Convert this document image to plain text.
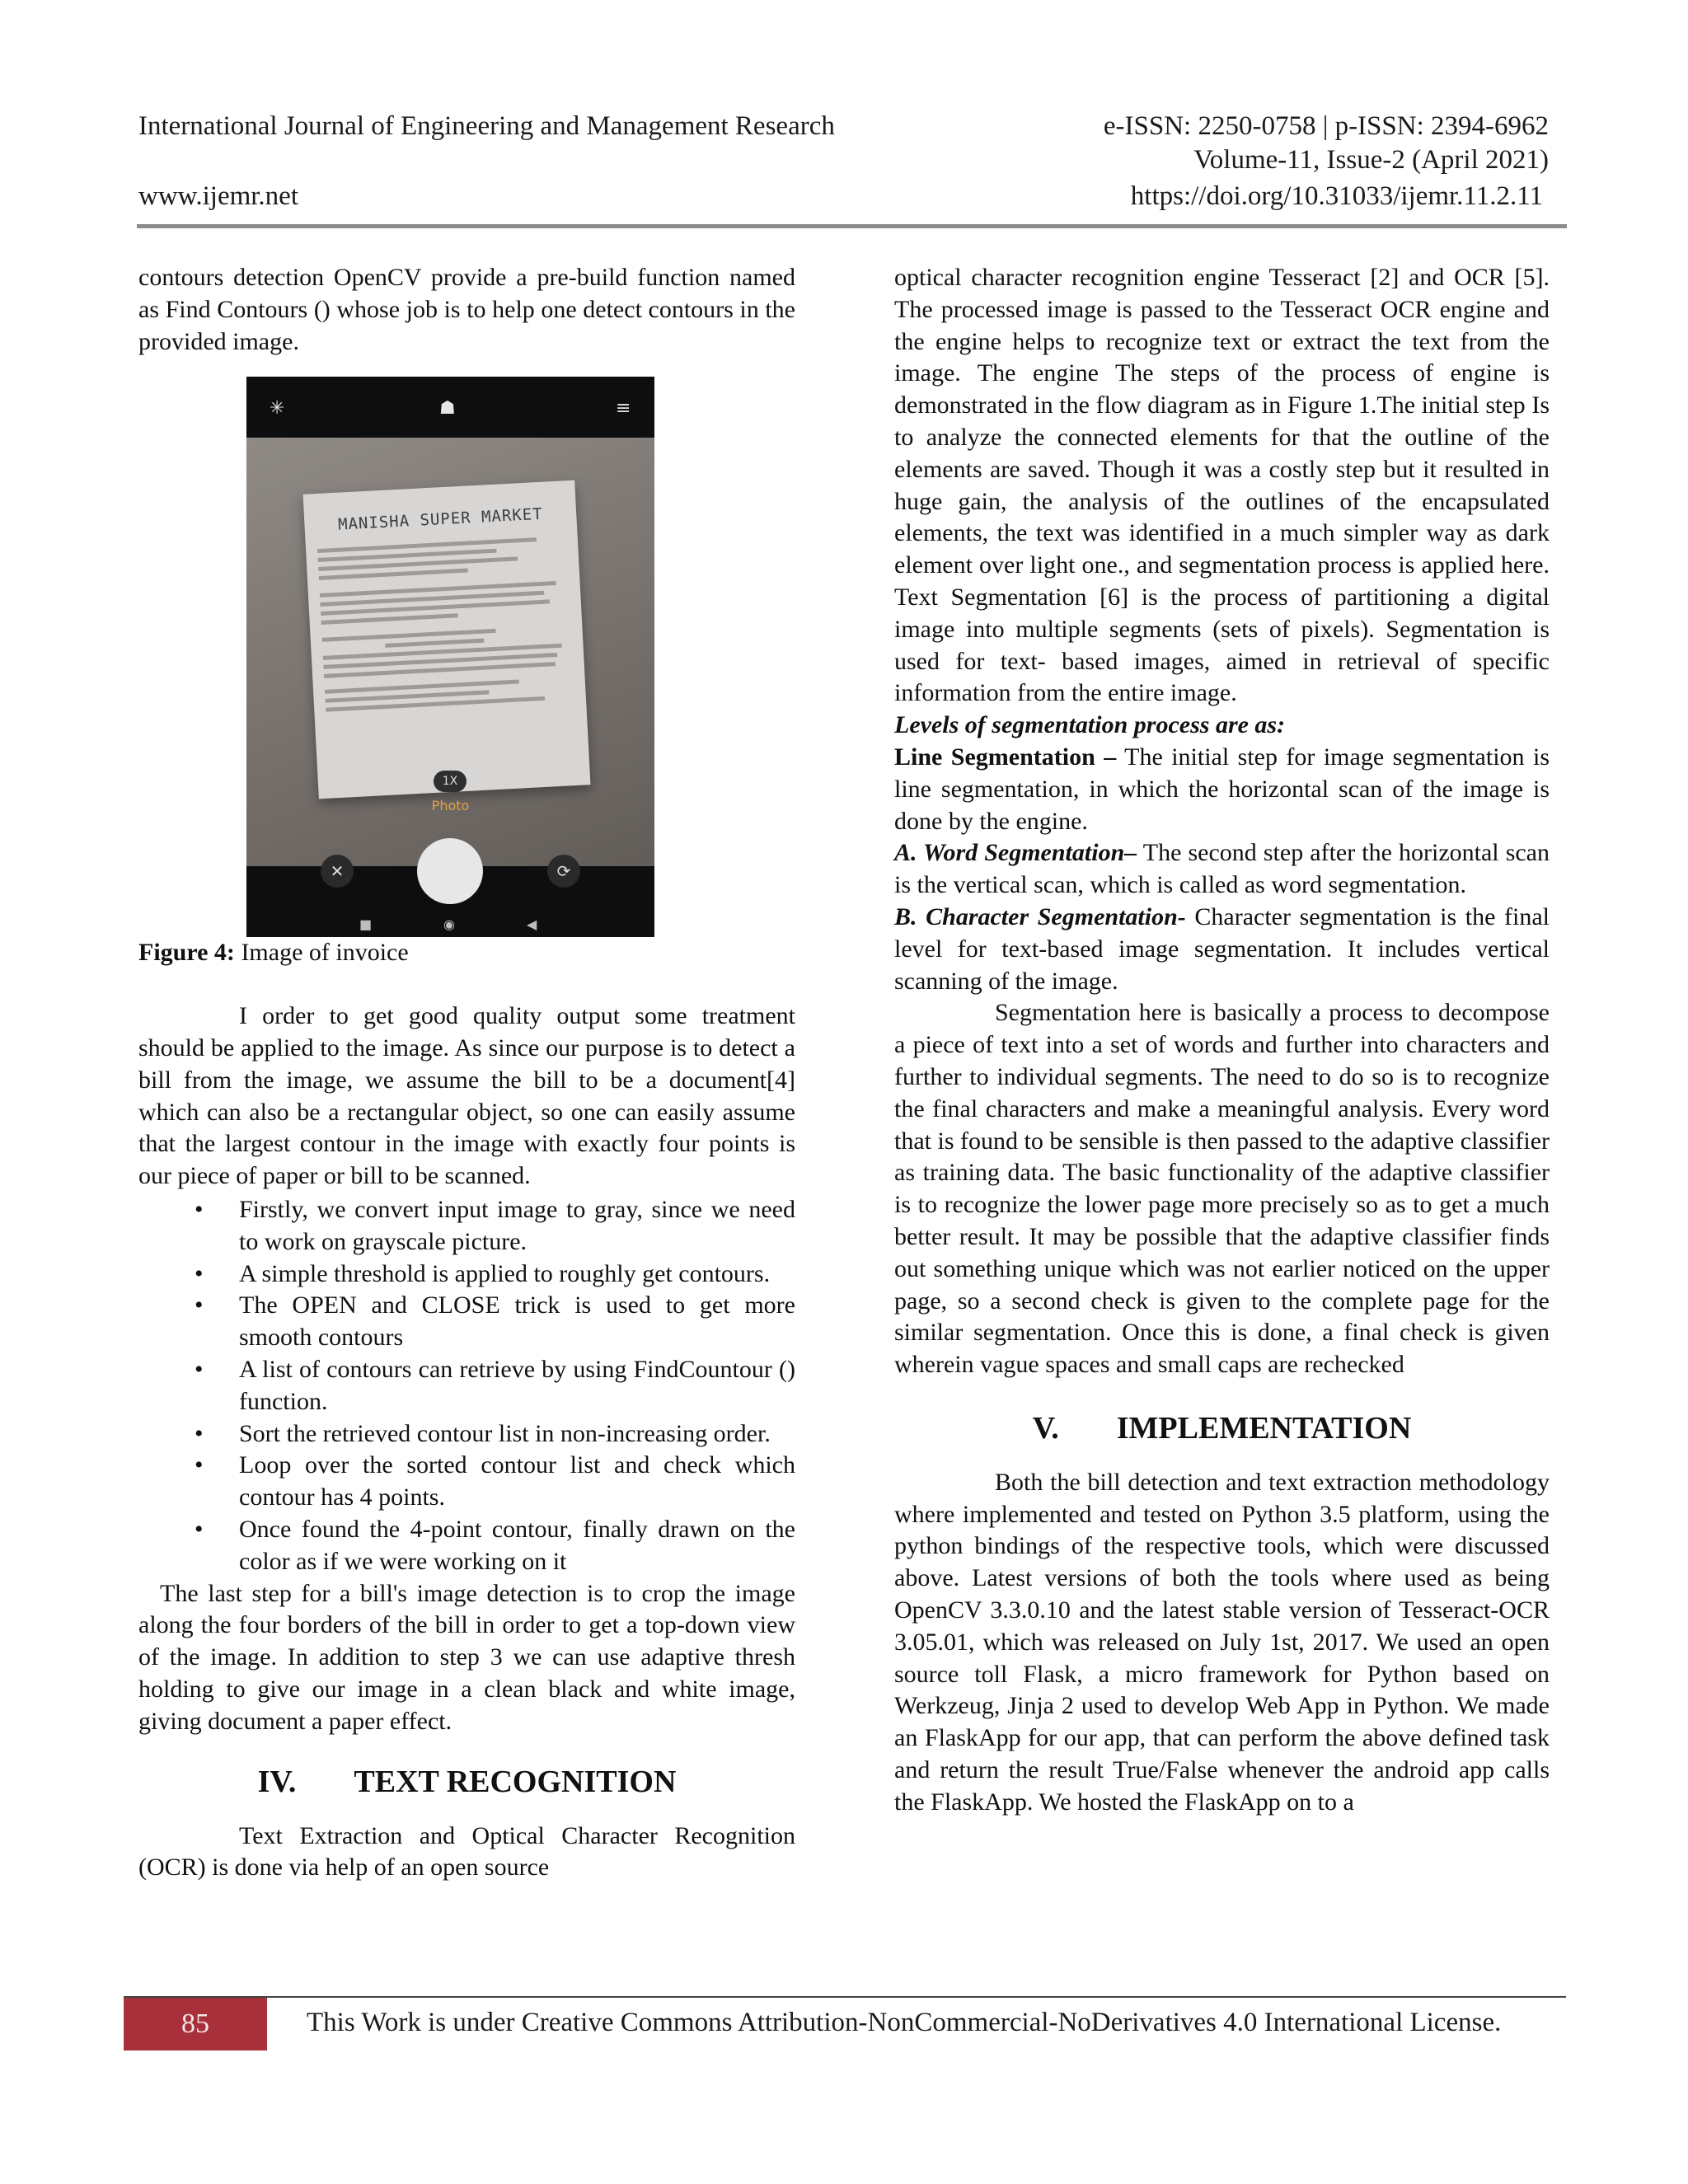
International Journal of Engineering and Management Research	e-ISSN: 2250-0758 | p-ISSN: 2394-6962
Volume-11, Issue-2 (April 2021)
www.ijemr.net	https://doi.org/10.31033/ijemr.11.2.11

contours detection OpenCV provide a pre-build function named as Find Contours () whose job is to help one detect contours in the provided image.

✳	☗	≡
MANISHA SUPER MARKET
1X
Photo
✕	⟳
■	◉	◀

Figure 4: Image of invoice

I order to get good quality output some treatment should be applied to the image. As since our purpose is to detect a bill from the image, we assume the bill to be a document[4] which can also be a rectangular object, so one can easily assume that the largest contour in the image with exactly four points is our piece of paper or bill to be scanned.

• Firstly, we convert input image to gray, since we need to work on grayscale picture.
• A simple threshold is applied to roughly get contours.
• The OPEN and CLOSE trick is used to get more smooth contours
• A list of contours can retrieve by using FindCountour () function.
• Sort the retrieved contour list in non-increasing order.
• Loop over the sorted contour list and check which contour has 4 points.
• Once found the 4-point contour, finally drawn on the color as if we were working on it

The last step for a bill's image detection is to crop the image along the four borders of the bill in order to get a top-down view of the image. In addition to step 3 we can use adaptive thresh holding to give our image in a clean black and white image, giving document a paper effect.

IV. TEXT RECOGNITION

Text Extraction and Optical Character Recognition (OCR) is done via help of an open source

optical character recognition engine Tesseract [2] and OCR [5]. The processed image is passed to the Tesseract OCR engine and the engine helps to recognize text or extract the text from the image. The engine The steps of the process of engine is demonstrated in the flow diagram as in Figure 1.The initial step Is to analyze the connected elements for that the outline of the elements are saved. Though it was a costly step but it resulted in huge gain, the analysis of the outlines of the encapsulated elements, the text was identified in a much simpler way as dark element over light one., and segmentation process is applied here. Text Segmentation [6] is the process of partitioning a digital image into multiple segments (sets of pixels). Segmentation is used for text- based images, aimed in retrieval of specific information from the entire image.

Levels of segmentation process are as:

Line Segmentation – The initial step for image segmentation is line segmentation, in which the horizontal scan of the image is done by the engine.

A. Word Segmentation– The second step after the horizontal scan is the vertical scan, which is called as word segmentation.

B. Character Segmentation- Character segmentation is the final level for text-based image segmentation. It includes vertical scanning of the image.

Segmentation here is basically a process to decompose a piece of text into a set of words and further into characters and further to individual segments. The need to do so is to recognize the final characters and make a meaningful analysis. Every word that is found to be sensible is then passed to the adaptive classifier as training data. The basic functionality of the adaptive classifier is to recognize the lower page more precisely so as to get a much better result. It may be possible that the adaptive classifier finds out something unique which was not earlier noticed on the upper page, so a second check is given to the complete page for the similar segmentation. Once this is done, a final check is given wherein vague spaces and small caps are rechecked

V. IMPLEMENTATION

Both the bill detection and text extraction methodology where implemented and tested on Python 3.5 platform, using the python bindings of the respective tools, which were discussed above. Latest versions of both the tools where used as being OpenCV 3.3.0.10 and the latest stable version of Tesseract-OCR 3.05.01, which was released on July 1st, 2017. We used an open source toll Flask, a micro framework for Python based on Werkzeug, Jinja 2 used to develop Web App in Python. We made an FlaskApp for our app, that can perform the above defined task and return the result True/False whenever the android app calls the FlaskApp. We hosted the FlaskApp on to a

85	This Work is under Creative Commons Attribution-NonCommercial-NoDerivatives 4.0 International License.
